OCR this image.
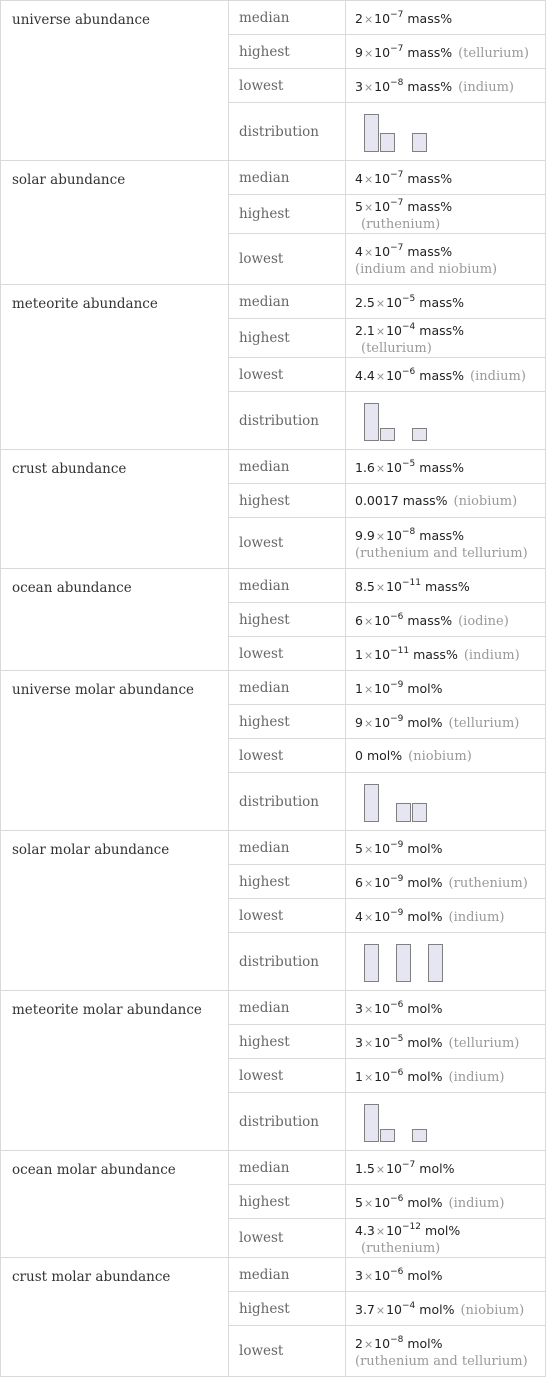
universe abundance	median	$2\times 10^{-7}$ mass%
	highest	$9\times 10^{-7}$ mass% (tellurium)
	lowest	$3\times 10^{-8}$ mass% (indium)
	distribution	

solar abundance	median	$4\times 10^{-7}$ mass%
	highest	$5\times 10^{-7}$ mass%(ruthenium)
	lowest	$4\times 10^{-7}$ mass%
(indium and niobium)

meteorite abundance	median	$2.5\times 10^{-5}$ mass%
	highest	$2.1\times 10^{-4}$ mass%(tellurium)
	lowest	$4.4\times 10^{-6}$ mass% (indium)
	distribution	

crust abundance	median	$1.6\times 10^{-5}$ mass%
	highest	0.0017 mass% (niobium)
	lowest	$9.9\times 10^{-8}$ mass%
(ruthenium and tellurium)

ocean abundance	median	$8.5\times 10^{-11}$ mass%
	highest	$6\times 10^{-6}$ mass% (iodine)
	lowest	$1\times 10^{-11}$ mass% (indium)
universe molar abundance	median	$1\times 10^{-9}$ mol%
	highest	$9\times 10^{-9}$ mol% (tellurium)
	lowest	0 mol% (niobium)
	distribution	

solar molar abundance	median	$5\times 10^{-9}$ mol%
	highest	$6\times 10^{-9}$ mol% (ruthenium)
	lowest	$4\times 10^{-9}$ mol% (indium)
	distribution	

meteorite molar abundance	median	$3\times 10^{-6}$ mol%
	highest	$3\times 10^{-5}$ mol% (tellurium)
	lowest	$1\times 10^{-6}$ mol% (indium)
	distribution	

ocean molar abundance	median	$1.5\times 10^{-7}$ mol%
	highest	$5\times 10^{-6}$ mol% (indium)
	lowest	$4.3\times 10^{-12}$ mol%(ruthenium)
crust molar abundance	median	$3\times 10^{-6}$ mol%
	highest	$3.7\times 10^{-4}$ mol% (niobium)
	lowest	$2\times 10^{-8}$ mol%
(ruthenium and tellurium)
